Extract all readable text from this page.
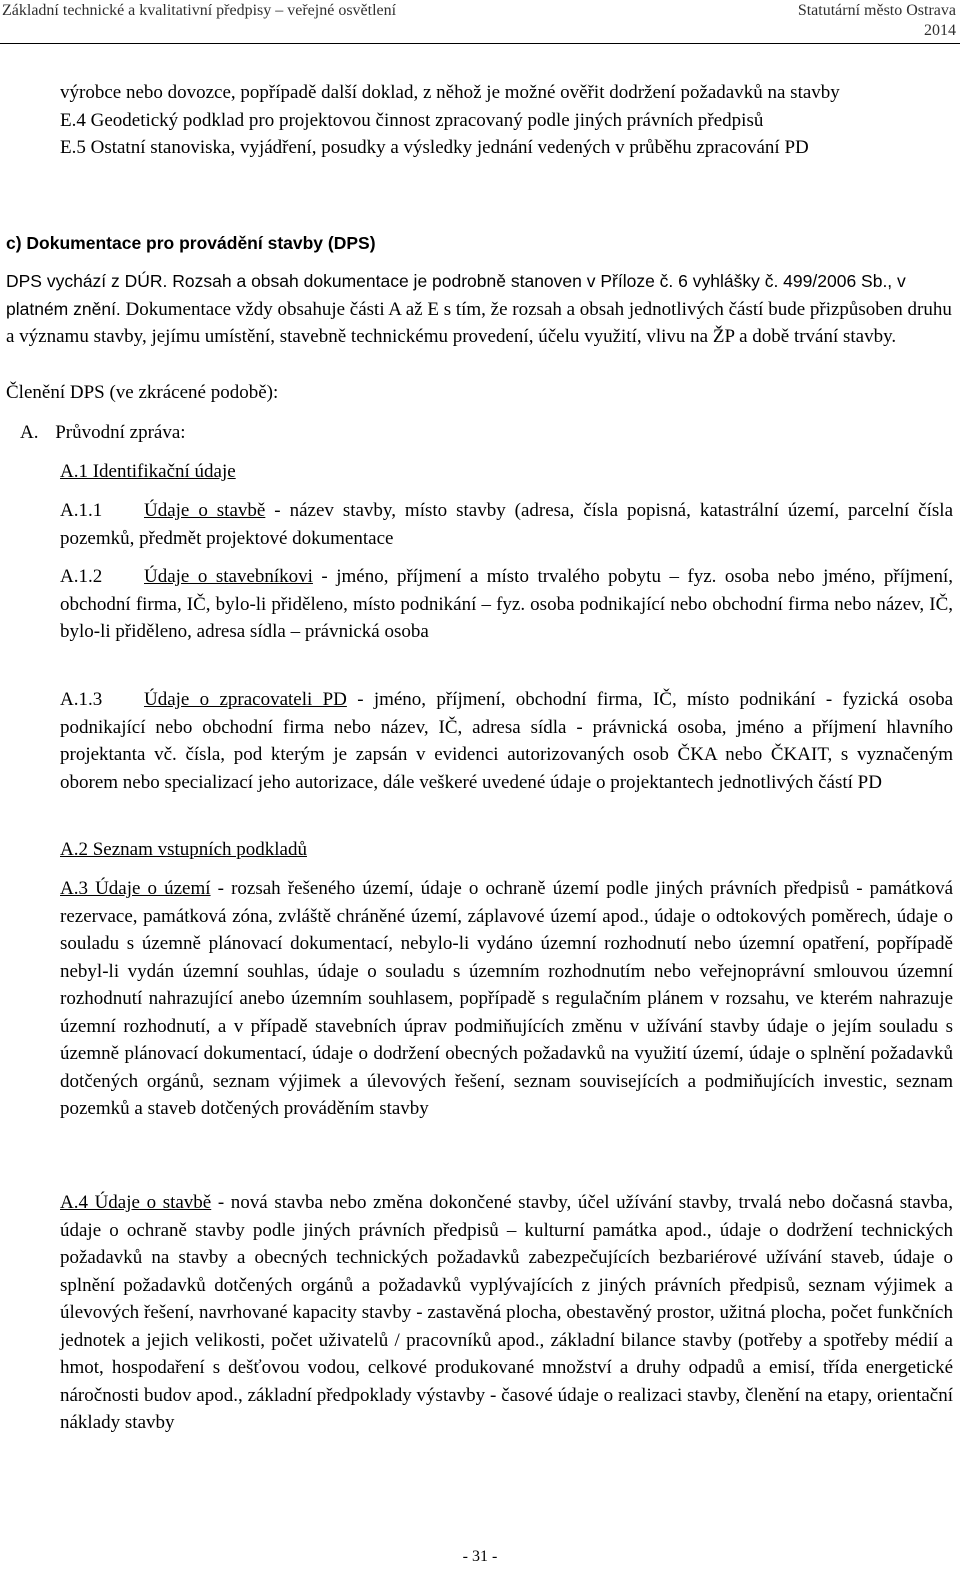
Základní technické a kvalitativní předpisy – veřejné osvětlení	Statutární město Ostrava
2014
výrobce nebo dovozce, popřípadě další doklad, z něhož je možné ověřit dodržení požadavků na stavby
E.4 Geodetický podklad pro projektovou činnost zpracovaný podle jiných právních předpisů
E.5 Ostatní stanoviska, vyjádření, posudky a výsledky jednání vedených v průběhu zpracování PD
c) Dokumentace pro provádění stavby (DPS)
DPS vychází z DÚR. Rozsah a obsah dokumentace je podrobně stanoven v Příloze č. 6 vyhlášky č. 499/2006 Sb., v platném znění. Dokumentace vždy obsahuje části A až E s tím, že rozsah a obsah jednotlivých částí bude přizpůsoben druhu a významu stavby, jejímu umístění, stavebně technickému provedení, účelu využití, vlivu na ŽP a době trvání stavby.
Členění DPS (ve zkrácené podobě):
A. Průvodní zpráva:
A.1 Identifikační údaje
A.1.1 Údaje o stavbě - název stavby, místo stavby (adresa, čísla popisná, katastrální území, parcelní čísla pozemků, předmět projektové dokumentace
A.1.2 Údaje o stavebníkovi - jméno, příjmení a místo trvalého pobytu – fyz. osoba nebo jméno, příjmení, obchodní firma, IČ, bylo-li přiděleno, místo podnikání – fyz. osoba podnikající nebo obchodní firma nebo název, IČ, bylo-li přiděleno, adresa sídla – právnická osoba
A.1.3 Údaje o zpracovateli PD - jméno, příjmení, obchodní firma, IČ, místo podnikání - fyzická osoba podnikající nebo obchodní firma nebo název, IČ, adresa sídla - právnická osoba, jméno a příjmení hlavního projektanta vč. čísla, pod kterým je zapsán v evidenci autorizovaných osob ČKA nebo ČKAIT, s vyznačeným oborem nebo specializací jeho autorizace, dále veškeré uvedené údaje o projektantech jednotlivých částí PD
A.2 Seznam vstupních podkladů
A.3 Údaje o území - rozsah řešeného území, údaje o ochraně území podle jiných právních předpisů - památková rezervace, památková zóna, zvláště chráněné území, záplavové území apod., údaje o odtokových poměrech, údaje o souladu s územně plánovací dokumentací, nebylo-li vydáno územní rozhodnutí nebo územní opatření, popřípadě nebyl-li vydán územní souhlas, údaje o souladu s územním rozhodnutím nebo veřejnoprávní smlouvou územní rozhodnutí nahrazující anebo územním souhlasem, popřípadě s regulačním plánem v rozsahu, ve kterém nahrazuje územní rozhodnutí, a v případě stavebních úprav podmiňujících změnu v užívání stavby údaje o jejím souladu s územně plánovací dokumentací, údaje o dodržení obecných požadavků na využití území, údaje o splnění požadavků dotčených orgánů, seznam výjimek a úlevových řešení, seznam souvisejících a podmiňujících investic, seznam pozemků a staveb dotčených prováděním stavby
A.4 Údaje o stavbě - nová stavba nebo změna dokončené stavby, účel užívání stavby, trvalá nebo dočasná stavba, údaje o ochraně stavby podle jiných právních předpisů – kulturní památka apod., údaje o dodržení technických požadavků na stavby a obecných technických požadavků zabezpečujících bezbariérové užívání staveb, údaje o splnění požadavků dotčených orgánů a požadavků vyplývajících z jiných právních předpisů, seznam výjimek a úlevových řešení, navrhované kapacity stavby - zastavěná plocha, obestavěný prostor, užitná plocha, počet funkčních jednotek a jejich velikosti, počet uživatelů / pracovníků apod., základní bilance stavby (potřeby a spotřeby médií a hmot, hospodaření s dešťovou vodou, celkové produkované množství a druhy odpadů a emisí, třída energetické náročnosti budov apod., základní předpoklady výstavby - časové údaje o realizaci stavby, členění na etapy, orientační náklady stavby
- 31 -
